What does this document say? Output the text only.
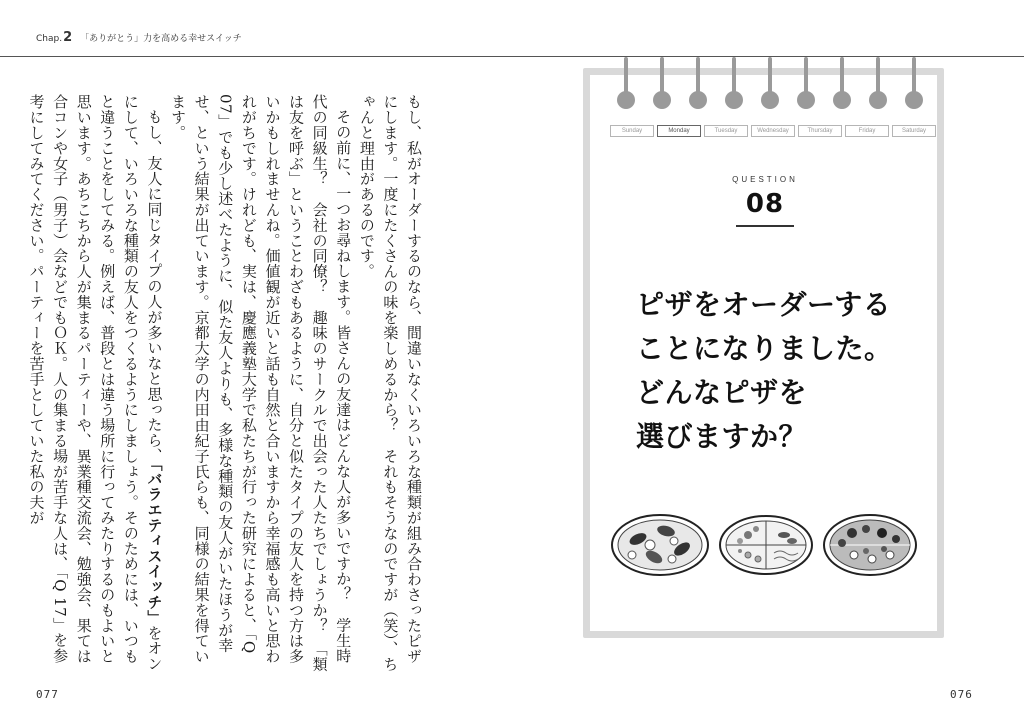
Chap.2 「ありがとう」力を高める幸せスイッチ

もし、私がオーダーするのなら、間違いなくいろいろな種類が組み合わさったピザにします。一度にたくさんの味を楽しめるから？　それもそうなのですが（笑）、ちゃんと理由があるのです。

その前に、一つお尋ねします。皆さんの友達はどんな人が多いですか？　学生時代の同級生？　会社の同僚？　趣味のサークルで出会った人たちでしょうか？　「類は友を呼ぶ」ということわざもあるように、自分と似たタイプの友人を持つ方は多いかもしれませんね。価値観が近いと話も自然と合いますから幸福感も高いと思われがちです。けれども、実は、慶應義塾大学で私たちが行った研究によると、「Q 07」でも少し述べたように、似た友人よりも、多様な種類の友人がいたほうが幸せ、という結果が出ています。京都大学の内田由紀子氏らも、同様の結果を得ています。

もし、友人に同じタイプの人が多いなと思ったら、「バラエティスイッチ」をオンにして、いろいろな種類の友人をつくるようにしましょう。そのためには、いつもと違うことをしてみる。例えば、普段とは違う場所に行ってみたりするのもよいと思います。あちこちから人が集まるパーティーや、異業種交流会、勉強会、果ては合コンや女子（男子）会などでもＯＫ。人の集まる場が苦手な人は、「Q 17」を参考にしてみてください。パーティーを苦手としていた私の夫が

077	076
Sunday	Monday	Tuesday	Wednesday	Thursday	Friday	Saturday
QUESTION
08
ピザをオーダーする
ことになりました。
どんなピザを
選びますか？
